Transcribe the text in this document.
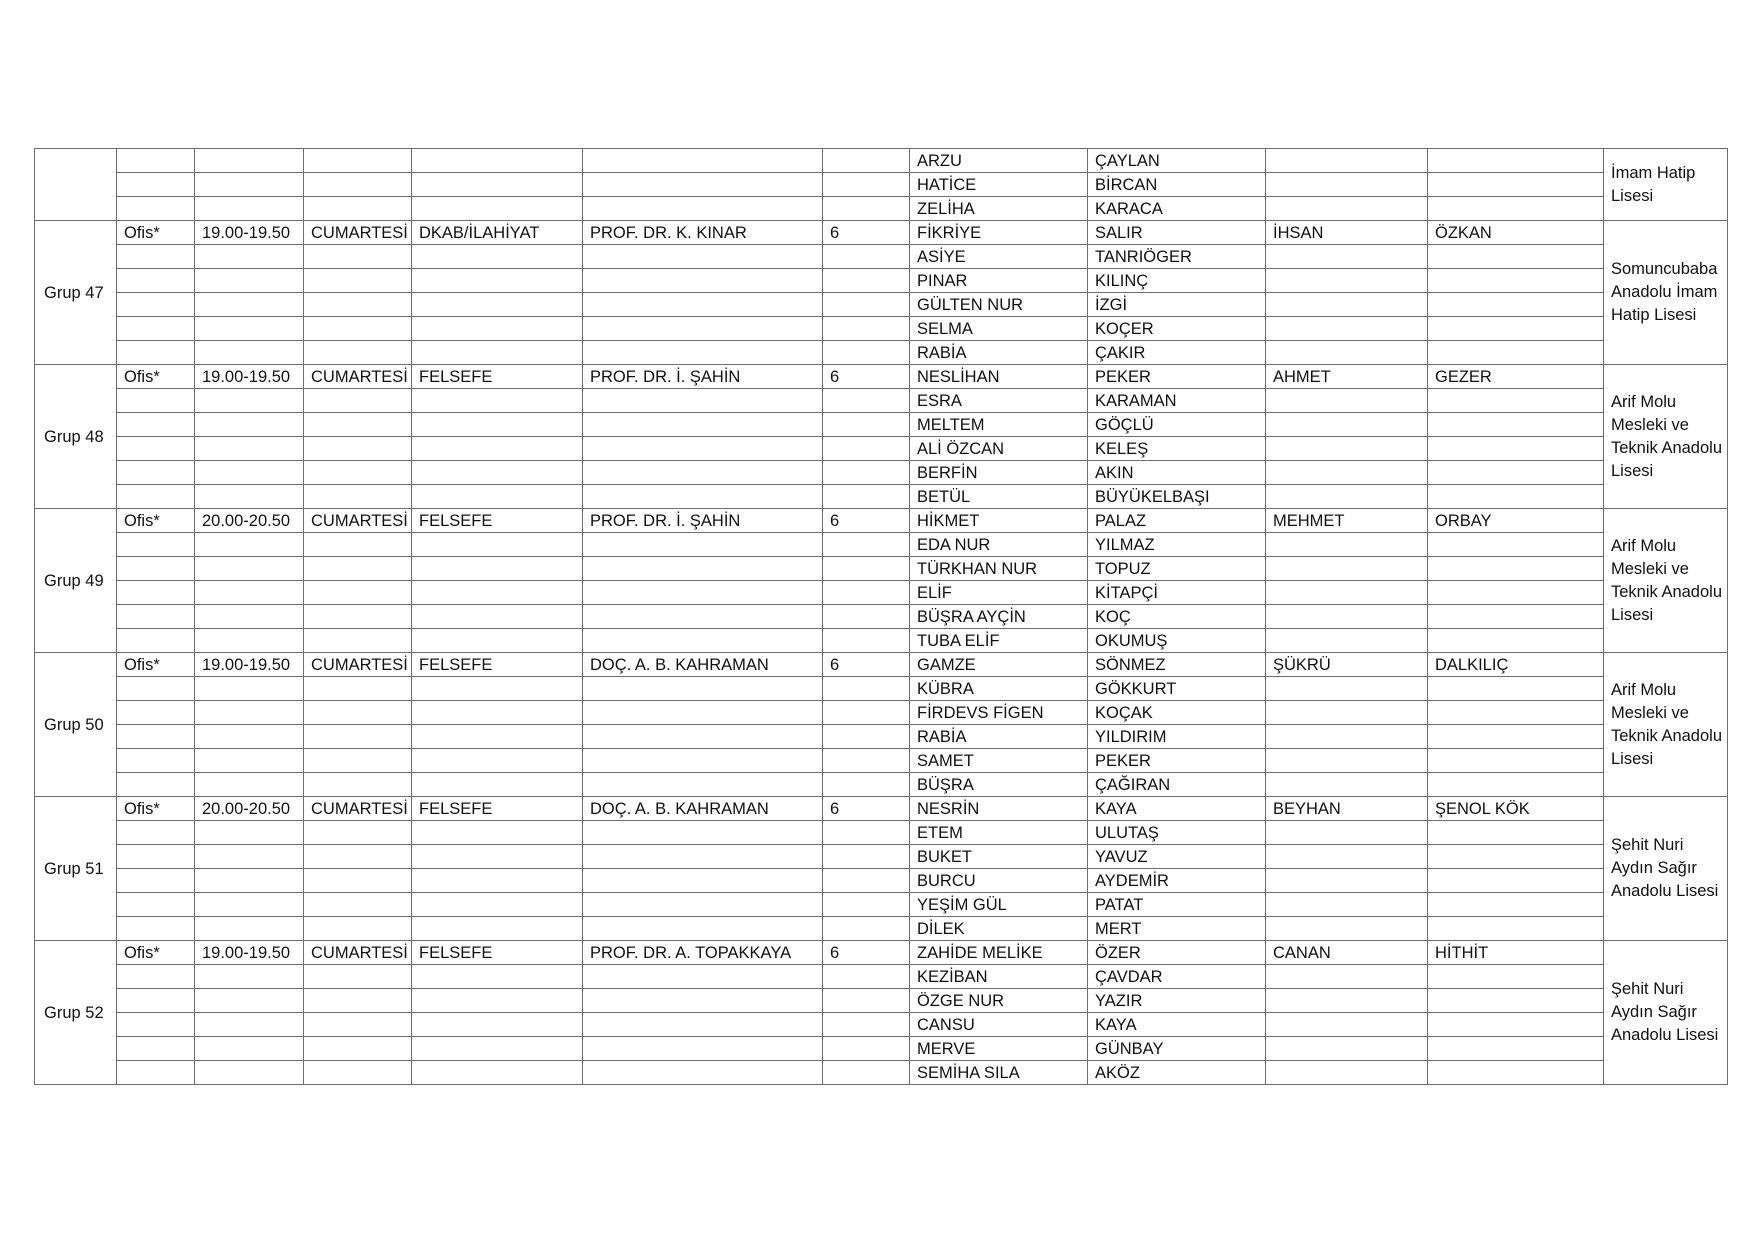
							ARZU	ÇAYLAN			İmam Hatip Lisesi
							HATİCE	BİRCAN			
							ZELİHA	KARACA			
Grup 47	Ofis*	19.00-19.50	CUMARTESİ	DKAB/İLAHİYAT	PROF. DR. K. KINAR	6	FİKRİYE	SALIR	İHSAN	ÖZKAN	Somuncubaba Anadolu İmam Hatip Lisesi
							ASİYE	TANRIÖGER			
							PINAR	KILINÇ			
							GÜLTEN NUR	İZGİ			
							SELMA	KOÇER			
							RABİA	ÇAKIR			
Grup 48	Ofis*	19.00-19.50	CUMARTESİ	FELSEFE	PROF. DR. İ. ŞAHİN	6	NESLİHAN	PEKER	AHMET	GEZER	Arif Molu Mesleki ve Teknik Anadolu Lisesi
							ESRA	KARAMAN			
							MELTEM	GÖÇLÜ			
							ALİ ÖZCAN	KELEŞ			
							BERFİN	AKIN			
							BETÜL	BÜYÜKELBAŞI			
Grup 49	Ofis*	20.00-20.50	CUMARTESİ	FELSEFE	PROF. DR. İ. ŞAHİN	6	HİKMET	PALAZ	MEHMET	ORBAY	Arif Molu Mesleki ve Teknik Anadolu Lisesi
							EDA NUR	YILMAZ			
							TÜRKHAN NUR	TOPUZ			
							ELİF	KİTAPÇİ			
							BÜŞRA AYÇİN	KOÇ			
							TUBA ELİF	OKUMUŞ			
Grup 50	Ofis*	19.00-19.50	CUMARTESİ	FELSEFE	DOÇ. A. B. KAHRAMAN	6	GAMZE	SÖNMEZ	ŞÜKRÜ	DALKILIÇ	Arif Molu Mesleki ve Teknik Anadolu Lisesi
							KÜBRA	GÖKKURT			
							FİRDEVS FİGEN	KOÇAK			
							RABİA	YILDIRIM			
							SAMET	PEKER			
							BÜŞRA	ÇAĞIRAN			
Grup 51	Ofis*	20.00-20.50	CUMARTESİ	FELSEFE	DOÇ. A. B. KAHRAMAN	6	NESRİN	KAYA	BEYHAN	ŞENOL KÖK	Şehit Nuri Aydın Sağır Anadolu Lisesi
							ETEM	ULUTAŞ			
							BUKET	YAVUZ			
							BURCU	AYDEMİR			
							YEŞİM GÜL	PATAT			
							DİLEK	MERT			
Grup 52	Ofis*	19.00-19.50	CUMARTESİ	FELSEFE	PROF. DR. A. TOPAKKAYA	6	ZAHİDE MELİKE	ÖZER	CANAN	HİTHİT	Şehit Nuri Aydın Sağır Anadolu Lisesi
							KEZİBAN	ÇAVDAR			
							ÖZGE NUR	YAZIR			
							CANSU	KAYA			
							MERVE	GÜNBAY			
							SEMİHA SILA	AKÖZ			
